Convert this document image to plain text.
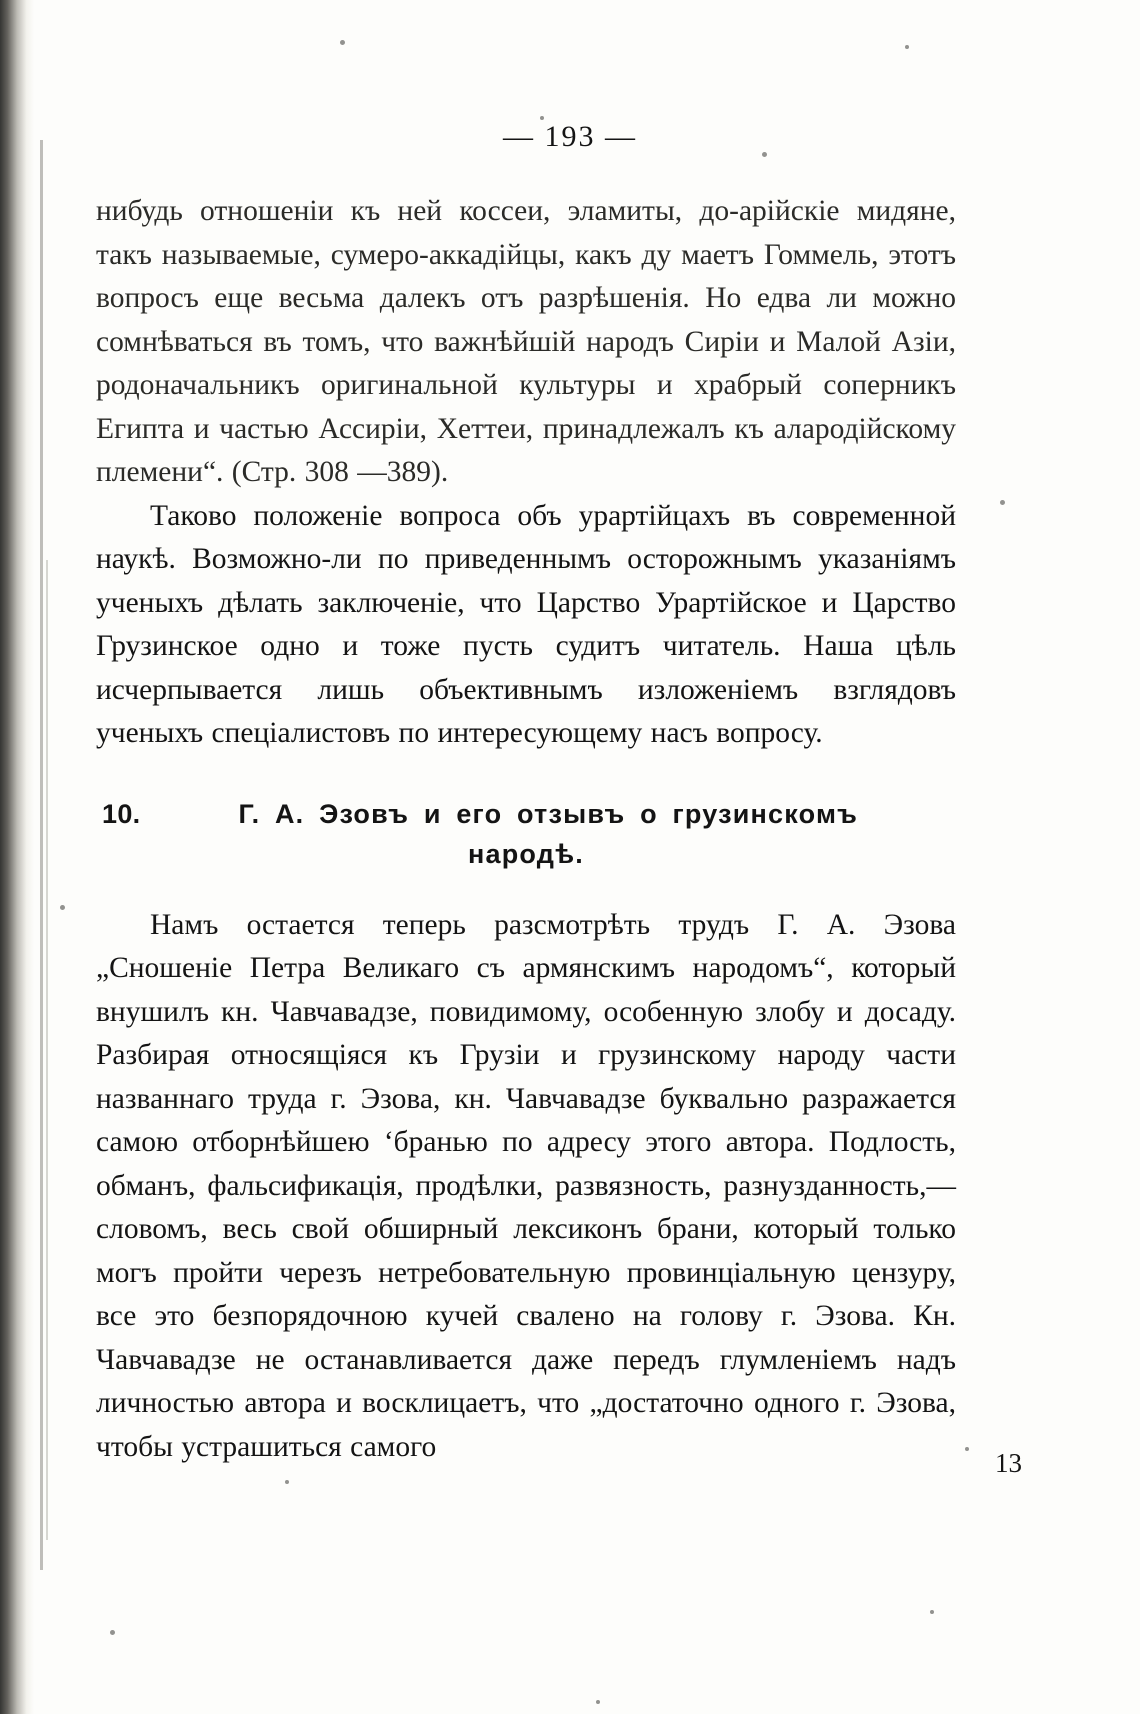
— 193 —

нибудь отношеніи къ ней коссеи, эламиты, до-арійскіе мидяне, такъ называемые, сумеро-аккадійцы, какъ ду маетъ Гоммель, этотъ вопросъ еще весьма далекъ отъ разрѣшенія. Но едва ли можно сомнѣваться въ томъ, что важнѣйшій народъ Сиріи и Малой Азіи, родоначальникъ оригинальной культуры и храбрый соперникъ Египта и частью Ассиріи, Хеттеи, принадлежалъ къ алародійскому племени“. (Стр. 308 —389).

Таково положеніе вопроса объ урартійцахъ въ современной наукѣ. Возможно-ли по приведеннымъ осторожнымъ указаніямъ ученыхъ дѣлать заключеніе, что Царство Урартійское и Царство Грузинское одно и тоже пусть судитъ читатель. Наша цѣль исчерпывается лишь объективнымъ изложеніемъ взглядовъ ученыхъ спеціалистовъ по интересующему насъ вопросу.

10.	Г. А. Эзовъ и его отзывъ о грузинскомъ
народѣ.

Намъ остается теперь разсмотрѣть трудъ Г. А. Эзова „Сношеніе Петра Великаго съ армянскимъ народомъ“, который внушилъ кн. Чавчавадзе, повидимому, особенную злобу и досаду. Разбирая относящіяся къ Грузіи и грузинскому народу части названнаго труда г. Эзова, кн. Чавчавадзе буквально разражается самою отборнѣйшею ‘бранью по адресу этого автора. Подлость, обманъ, фальсификація, продѣлки, развязность, разнузданность,—словомъ, весь свой обширный лексиконъ брани, который только могъ пройти черезъ нетребовательную провинціальную цензуру, все это безпорядочною кучей свалено на голову г. Эзова. Кн. Чавчавадзе не останавливается даже передъ глумленіемъ надъ личностью автора и восклицаетъ, что „достаточно одного г. Эзова, чтобы устрашиться самого

13
